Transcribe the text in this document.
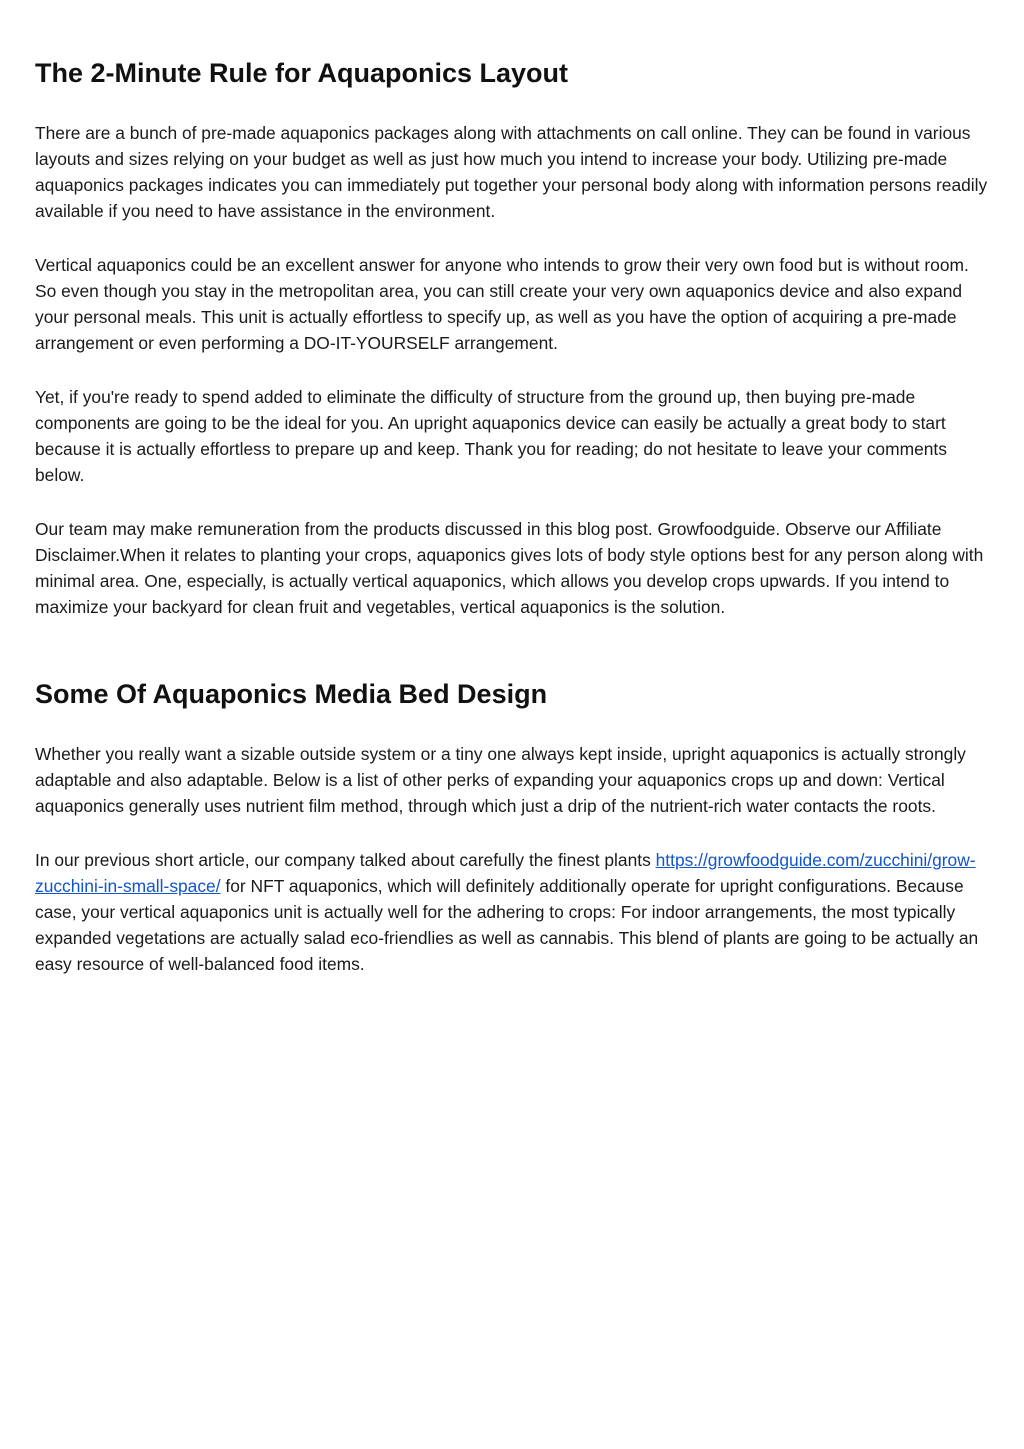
The 2-Minute Rule for Aquaponics Layout

There are a bunch of pre-made aquaponics packages along with attachments on call online. They can be found in various layouts and sizes relying on your budget as well as just how much you intend to increase your body. Utilizing pre-made aquaponics packages indicates you can immediately put together your personal body along with information persons readily available if you need to have assistance in the environment.

Vertical aquaponics could be an excellent answer for anyone who intends to grow their very own food but is without room. So even though you stay in the metropolitan area, you can still create your very own aquaponics device and also expand your personal meals. This unit is actually effortless to specify up, as well as you have the option of acquiring a pre-made arrangement or even performing a DO-IT-YOURSELF arrangement.

Yet, if you're ready to spend added to eliminate the difficulty of structure from the ground up, then buying pre-made components are going to be the ideal for you. An upright aquaponics device can easily be actually a great body to start because it is actually effortless to prepare up and keep. Thank you for reading; do not hesitate to leave your comments below.

Our team may make remuneration from the products discussed in this blog post. Growfoodguide. Observe our Affiliate Disclaimer.When it relates to planting your crops, aquaponics gives lots of body style options best for any person along with minimal area. One, especially, is actually vertical aquaponics, which allows you develop crops upwards. If you intend to maximize your backyard for clean fruit and vegetables, vertical aquaponics is the solution.

Some Of Aquaponics Media Bed Design

Whether you really want a sizable outside system or a tiny one always kept inside, upright aquaponics is actually strongly adaptable and also adaptable. Below is a list of other perks of expanding your aquaponics crops up and down: Vertical aquaponics generally uses nutrient film method, through which just a drip of the nutrient-rich water contacts the roots.

In our previous short article, our company talked about carefully the finest plants https://growfoodguide.com/zucchini/grow-zucchini-in-small-space/ for NFT aquaponics, which will definitely additionally operate for upright configurations. Because case, your vertical aquaponics unit is actually well for the adhering to crops: For indoor arrangements, the most typically expanded vegetations are actually salad eco-friendlies as well as cannabis. This blend of plants are going to be actually an easy resource of well-balanced food items.
